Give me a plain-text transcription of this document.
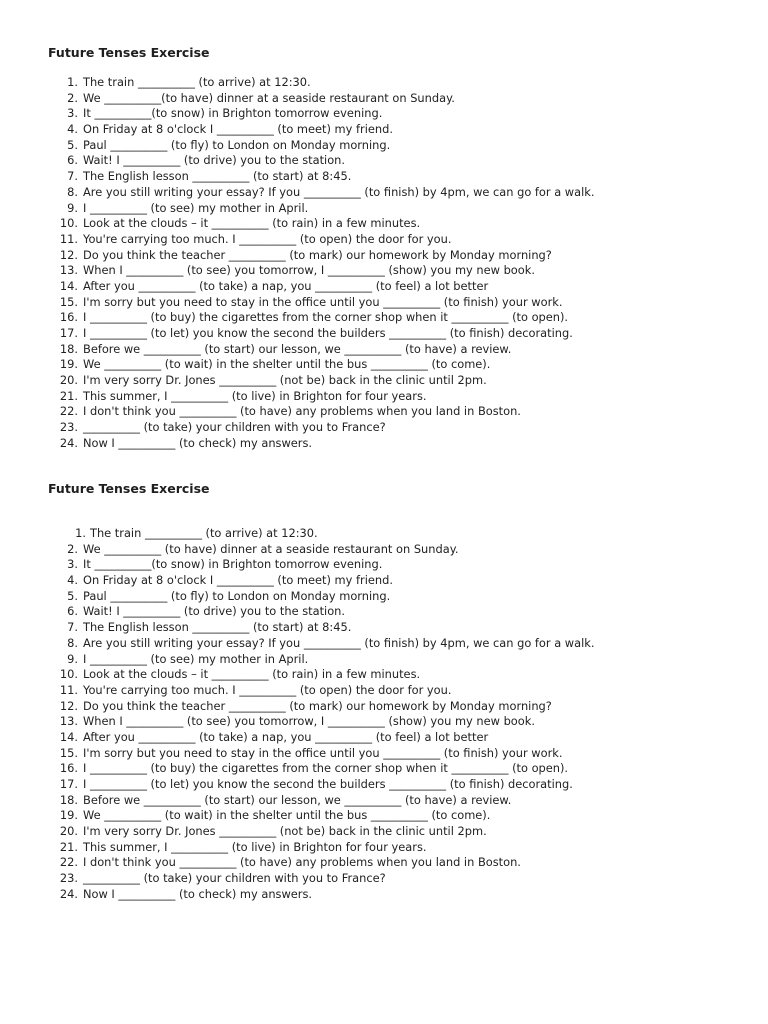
Future Tenses Exercise
1. The train __________ (to arrive) at 12:30.
2. We __________(to have) dinner at a seaside restaurant on Sunday.
3. It __________(to snow) in Brighton tomorrow evening.
4. On Friday at 8 o'clock I __________ (to meet) my friend.
5. Paul __________ (to fly) to London on Monday morning.
6. Wait! I __________ (to drive) you to the station.
7. The English lesson __________ (to start) at 8:45.
8. Are you still writing your essay? If you __________ (to finish) by 4pm, we can go for a walk.
9. I __________ (to see) my mother in April.
10. Look at the clouds – it __________ (to rain) in a few minutes.
11. You're carrying too much. I __________ (to open) the door for you.
12. Do you think the teacher __________ (to mark) our homework by Monday morning?
13. When I __________ (to see) you tomorrow, I __________ (show) you my new book.
14. After you __________ (to take) a nap, you __________ (to feel) a lot better
15. I'm sorry but you need to stay in the office until you __________ (to finish) your work.
16. I __________ (to buy) the cigarettes from the corner shop when it __________ (to open).
17. I __________ (to let) you know the second the builders __________ (to finish) decorating.
18. Before we __________ (to start) our lesson, we __________ (to have) a review.
19. We __________ (to wait) in the shelter until the bus __________ (to come).
20. I'm very sorry Dr. Jones __________ (not be) back in the clinic until 2pm.
21. This summer, I __________ (to live) in Brighton for four years.
22. I don't think you __________ (to have) any problems when you land in Boston.
23. __________ (to take) your children with you to France?
24. Now I __________ (to check) my answers.
Future Tenses Exercise
1. The train __________ (to arrive) at 12:30.
2. We __________ (to have) dinner at a seaside restaurant on Sunday.
3. It __________(to snow) in Brighton tomorrow evening.
4. On Friday at 8 o'clock I __________ (to meet) my friend.
5. Paul __________ (to fly) to London on Monday morning.
6. Wait! I __________ (to drive) you to the station.
7. The English lesson __________ (to start) at 8:45.
8. Are you still writing your essay? If you __________ (to finish) by 4pm, we can go for a walk.
9. I __________ (to see) my mother in April.
10. Look at the clouds – it __________ (to rain) in a few minutes.
11. You're carrying too much. I __________ (to open) the door for you.
12. Do you think the teacher __________ (to mark) our homework by Monday morning?
13. When I __________ (to see) you tomorrow, I __________ (show) you my new book.
14. After you __________ (to take) a nap, you __________ (to feel) a lot better
15. I'm sorry but you need to stay in the office until you __________ (to finish) your work.
16. I __________ (to buy) the cigarettes from the corner shop when it __________ (to open).
17. I __________ (to let) you know the second the builders __________ (to finish) decorating.
18. Before we __________ (to start) our lesson, we __________ (to have) a review.
19. We __________ (to wait) in the shelter until the bus __________ (to come).
20. I'm very sorry Dr. Jones __________ (not be) back in the clinic until 2pm.
21. This summer, I __________ (to live) in Brighton for four years.
22. I don't think you __________ (to have) any problems when you land in Boston.
23. __________ (to take) your children with you to France?
24. Now I __________ (to check) my answers.
